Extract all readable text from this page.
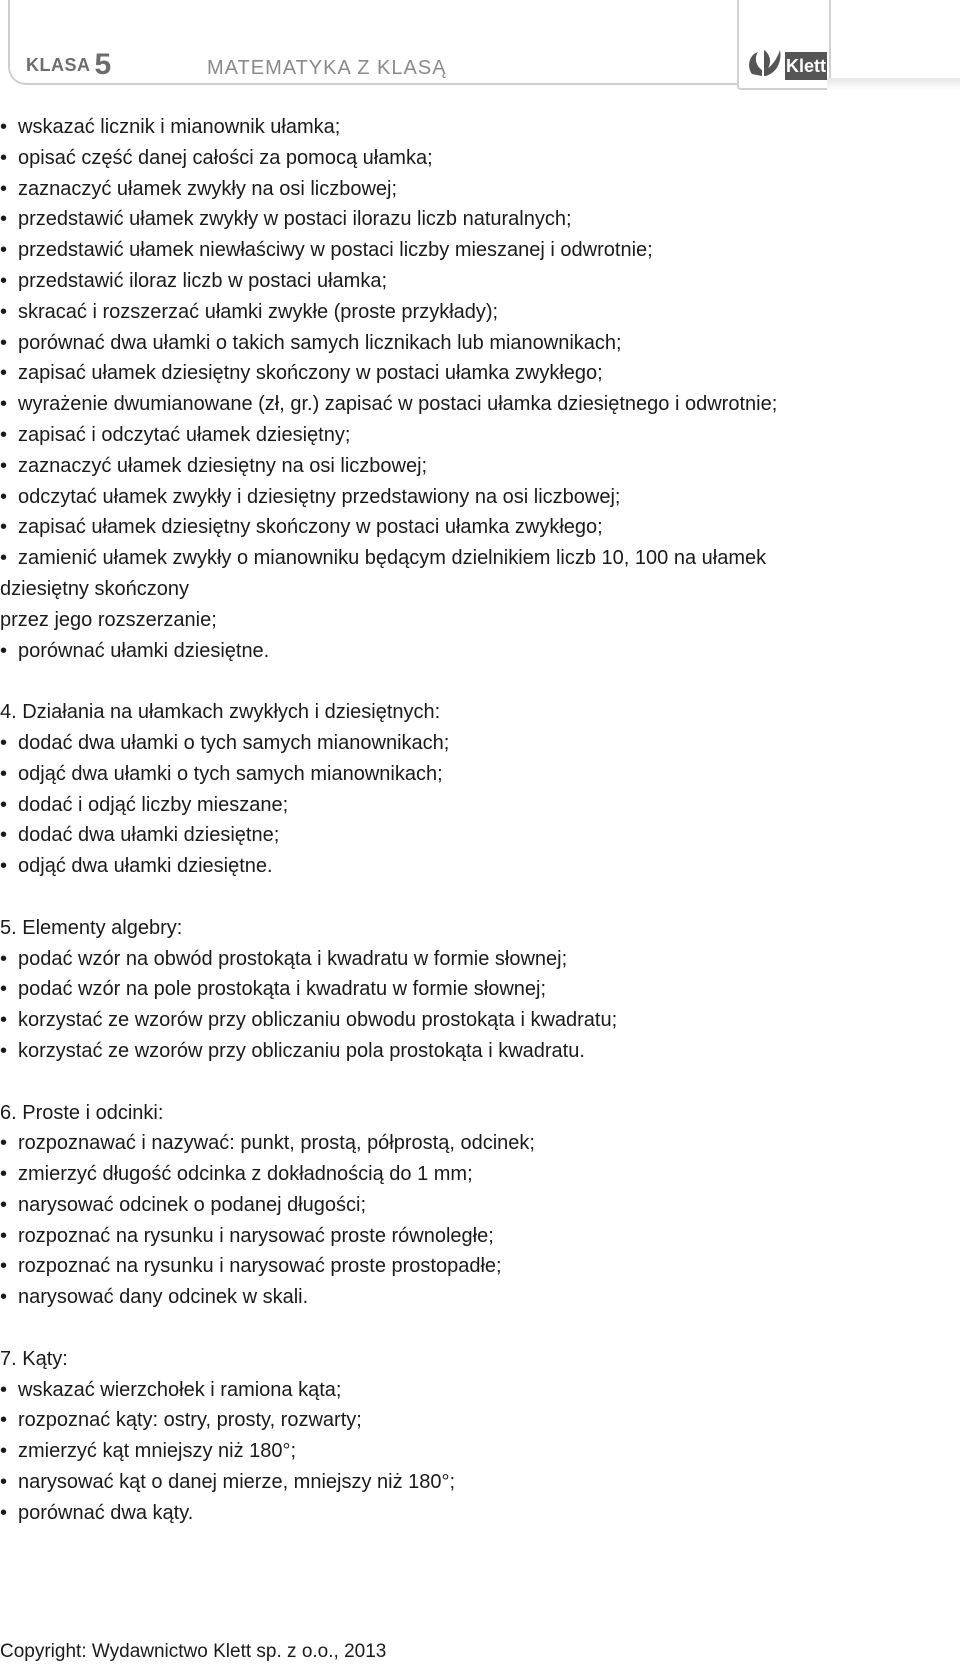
KLASA 5	MATEMATYKA Z KLASĄ	Klett
• wskazać licznik i mianownik ułamka;
• opisać część danej całości za pomocą ułamka;
• zaznaczyć ułamek zwykły na osi liczbowej;
• przedstawić ułamek zwykły w postaci ilorazu liczb naturalnych;
• przedstawić ułamek niewłaściwy w postaci liczby mieszanej i odwrotnie;
• przedstawić iloraz liczb w postaci ułamka;
• skracać i rozszerzać ułamki zwykłe (proste przykłady);
• porównać dwa ułamki o takich samych licznikach lub mianownikach;
• zapisać ułamek dziesiętny skończony w postaci ułamka zwykłego;
• wyrażenie dwumianowane (zł, gr.) zapisać w postaci ułamka dziesiętnego i odwrotnie;
• zapisać i odczytać ułamek dziesiętny;
• zaznaczyć ułamek dziesiętny na osi liczbowej;
• odczytać ułamek zwykły i dziesiętny przedstawiony na osi liczbowej;
• zapisać ułamek dziesiętny skończony w postaci ułamka zwykłego;
• zamienić ułamek zwykły o mianowniku będącym dzielnikiem liczb 10, 100 na ułamek
dziesiętny skończony
przez jego rozszerzanie;
• porównać ułamki dziesiętne.
4. Działania na ułamkach zwykłych i dziesiętnych:
• dodać dwa ułamki o tych samych mianownikach;
• odjąć dwa ułamki o tych samych mianownikach;
• dodać i odjąć liczby mieszane;
• dodać dwa ułamki dziesiętne;
• odjąć dwa ułamki dziesiętne.
5. Elementy algebry:
• podać wzór na obwód prostokąta i kwadratu w formie słownej;
• podać wzór na pole prostokąta i kwadratu w formie słownej;
• korzystać ze wzorów przy obliczaniu obwodu prostokąta i kwadratu;
• korzystać ze wzorów przy obliczaniu pola prostokąta i kwadratu.
6. Proste i odcinki:
• rozpoznawać i nazywać: punkt, prostą, półprostą, odcinek;
• zmierzyć długość odcinka z dokładnością do 1 mm;
• narysować odcinek o podanej długości;
• rozpoznać na rysunku i narysować proste równoległe;
• rozpoznać na rysunku i narysować proste prostopadłe;
• narysować dany odcinek w skali.
7. Kąty:
• wskazać wierzchołek i ramiona kąta;
• rozpoznać kąty: ostry, prosty, rozwarty;
• zmierzyć kąt mniejszy niż 180°;
• narysować kąt o danej mierze, mniejszy niż 180°;
• porównać dwa kąty.
Copyright: Wydawnictwo Klett sp. z o.o., 2013
